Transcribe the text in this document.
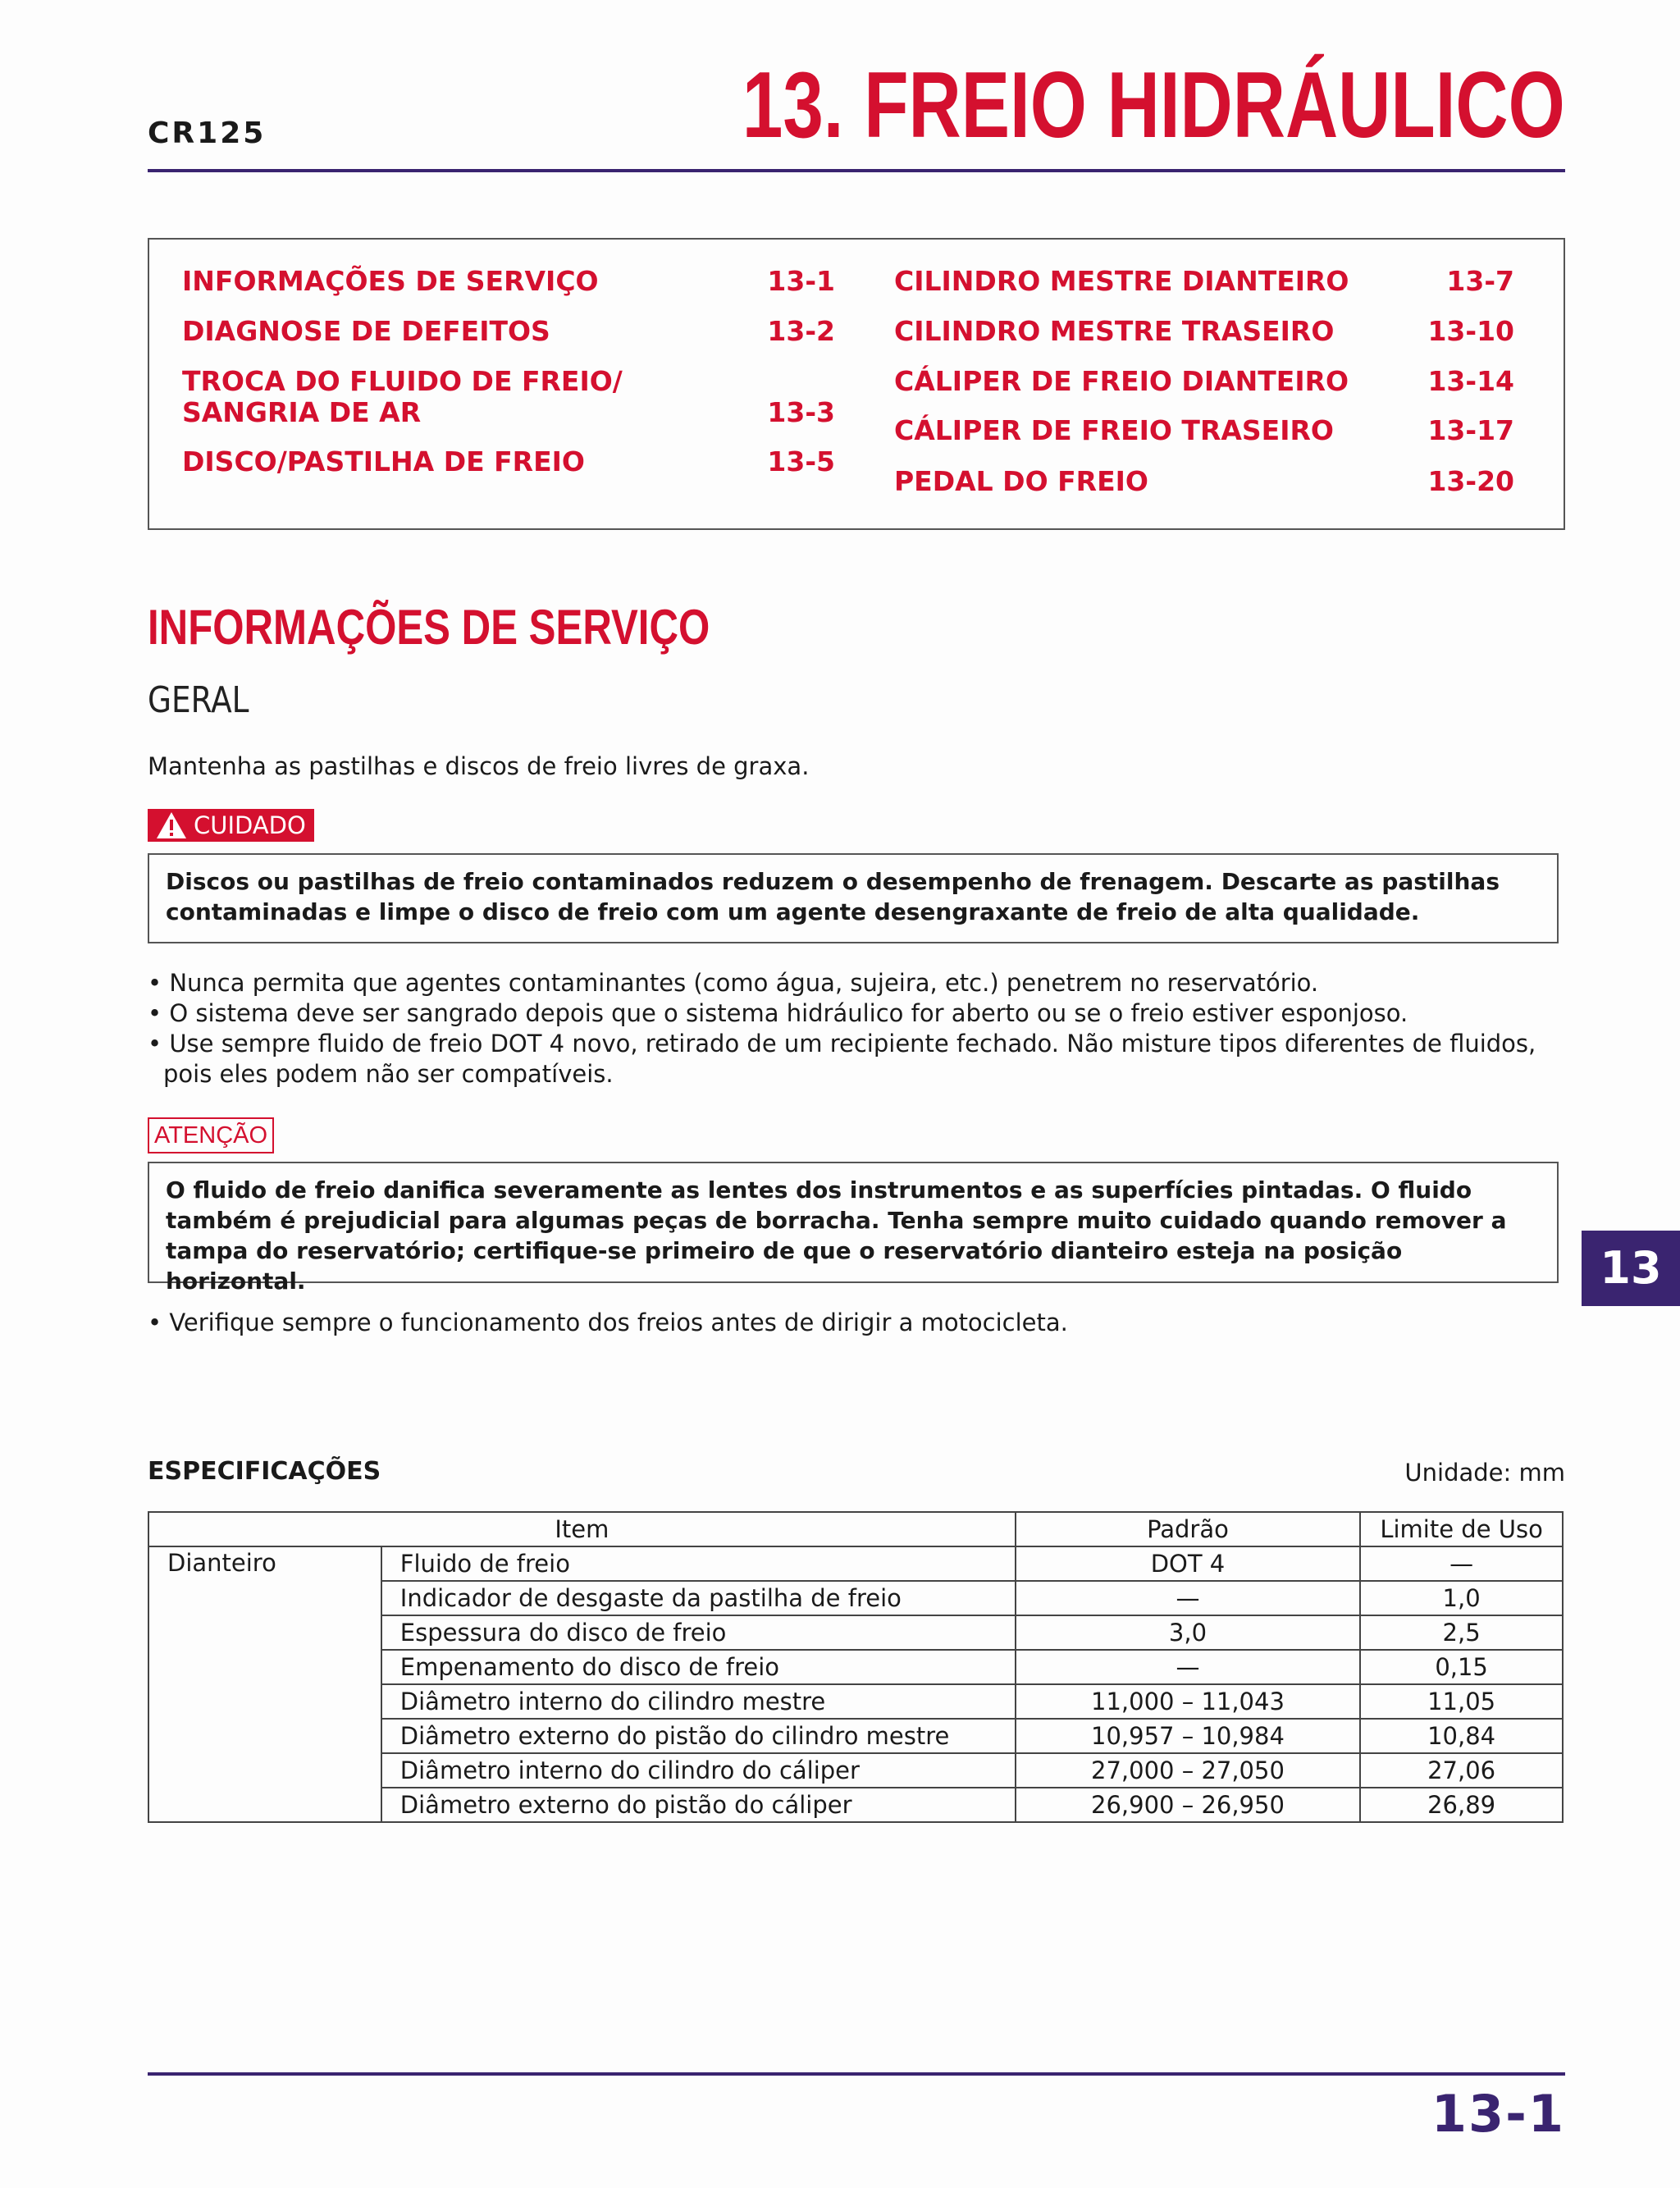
CR125	13. FREIO HIDRÁULICO
INFORMAÇÕES DE SERVIÇO	13-1
DIAGNOSE DE DEFEITOS	13-2
TROCA DO FLUIDO DE FREIO/
SANGRIA DE AR	13-3
DISCO/PASTILHA DE FREIO	13-5
CILINDRO MESTRE DIANTEIRO	13-7
CILINDRO MESTRE TRASEIRO	13-10
CÁLIPER DE FREIO DIANTEIRO	13-14
CÁLIPER DE FREIO TRASEIRO	13-17
PEDAL DO FREIO	13-20
INFORMAÇÕES DE SERVIÇO
GERAL
Mantenha as pastilhas e discos de freio livres de graxa.
CUIDADO
Discos ou pastilhas de freio contaminados reduzem o desempenho de frenagem. Descarte as pastilhas contaminadas e limpe o disco de freio com um agente desengraxante de freio de alta qualidade.
• Nunca permita que agentes contaminantes (como água, sujeira, etc.) penetrem no reservatório.
• O sistema deve ser sangrado depois que o sistema hidráulico for aberto ou se o freio estiver esponjoso.
• Use sempre fluido de freio DOT 4 novo, retirado de um recipiente fechado. Não misture tipos diferentes de fluidos,
pois eles podem não ser compatíveis.
ATENÇÃO
O fluido de freio danifica severamente as lentes dos instrumentos e as superfícies pintadas. O fluido também é prejudicial para algumas peças de borracha. Tenha sempre muito cuidado quando remover a tampa do reservatório; certifique-se primeiro de que o reservatório dianteiro esteja na posição horizontal.
• Verifique sempre o funcionamento dos freios antes de dirigir a motocicleta.
13
ESPECIFICAÇÕES	Unidade: mm
Item		Padrão	Limite de Uso
Dianteiro	Fluido de freio	DOT 4	—
	Indicador de desgaste da pastilha de freio	—	1,0
	Espessura do disco de freio	3,0	2,5
	Empenamento do disco de freio	—	0,15
	Diâmetro interno do cilindro mestre	11,000 – 11,043	11,05
	Diâmetro externo do pistão do cilindro mestre	10,957 – 10,984	10,84
	Diâmetro interno do cilindro do cáliper	27,000 – 27,050	27,06
	Diâmetro externo do pistão do cáliper	26,900 – 26,950	26,89
13-1
